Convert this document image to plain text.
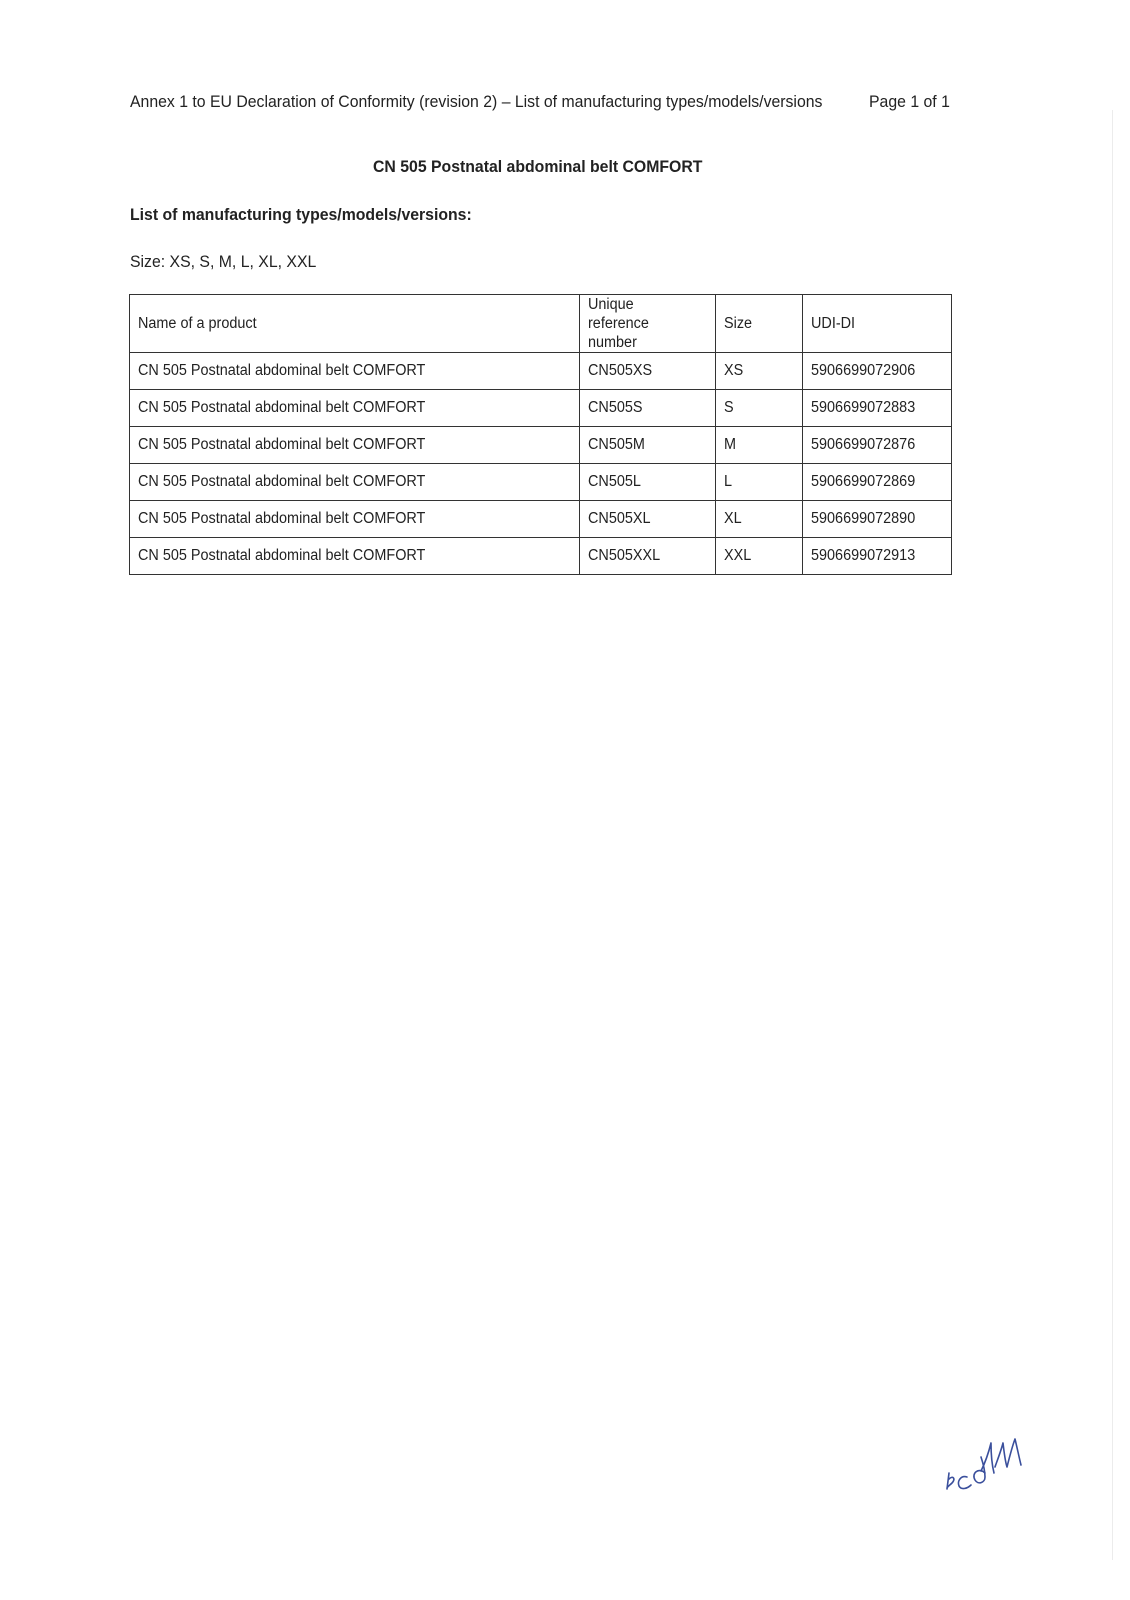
Annex 1 to EU Declaration of Conformity (revision 2) – List of manufacturing types/models/versions	Page 1 of 1
CN 505 Postnatal abdominal belt COMFORT
List of manufacturing types/models/versions:
Size: XS, S, M, L, XL, XXL
Name of a product	Unique reference number	Size	UDI-DI
CN 505 Postnatal abdominal belt COMFORT	CN505XS	XS	5906699072906
CN 505 Postnatal abdominal belt COMFORT	CN505S	S	5906699072883
CN 505 Postnatal abdominal belt COMFORT	CN505M	M	5906699072876
CN 505 Postnatal abdominal belt COMFORT	CN505L	L	5906699072869
CN 505 Postnatal abdominal belt COMFORT	CN505XL	XL	5906699072890
CN 505 Postnatal abdominal belt COMFORT	CN505XXL	XXL	5906699072913
